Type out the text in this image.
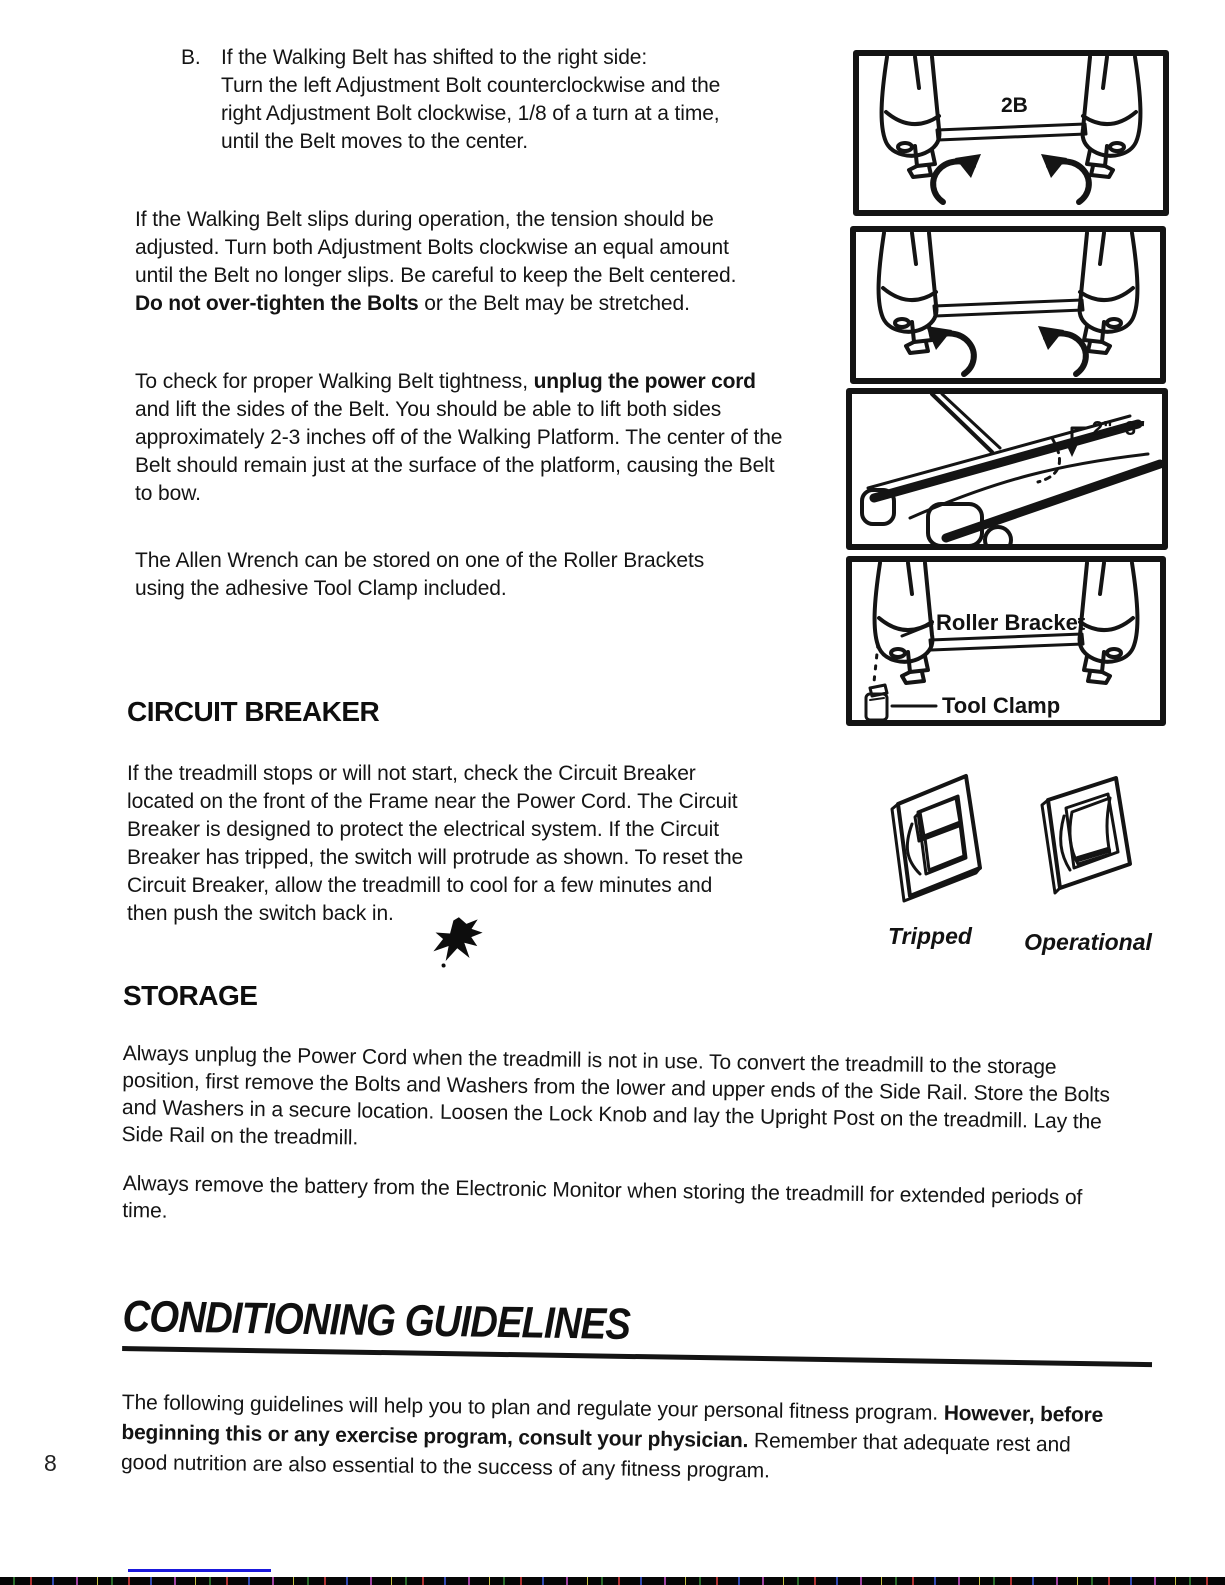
B. If the Walking Belt has shifted to the right side:
Turn the left Adjustment Bolt counterclockwise and the right Adjustment Bolt clockwise, 1/8 of a turn at a time, until the Belt moves to the center.

If the Walking Belt slips during operation, the tension should be adjusted. Turn both Adjustment Bolts clockwise an equal amount until the Belt no longer slips. Be careful to keep the Belt centered. Do not over-tighten the Bolts or the Belt may be stretched.

To check for proper Walking Belt tightness, unplug the power cord and lift the sides of the Belt. You should be able to lift both sides approximately 2-3 inches off of the Walking Platform. The center of the Belt should remain just at the surface of the platform, causing the Belt to bow.

The Allen Wrench can be stored on one of the Roller Brackets using the adhesive Tool Clamp included.

CIRCUIT BREAKER

If the treadmill stops or will not start, check the Circuit Breaker located on the front of the Frame near the Power Cord. The Circuit Breaker is designed to protect the electrical system. If the Circuit Breaker has tripped, the switch will protrude as shown. To reset the Circuit Breaker, allow the treadmill to cool for a few minutes and then push the switch back in.

STORAGE

Always unplug the Power Cord when the treadmill is not in use. To convert the treadmill to the storage position, first remove the Bolts and Washers from the lower and upper ends of the Side Rail. Store the Bolts and Washers in a secure location. Loosen the Lock Knob and lay the Upright Post on the treadmill. Lay the Side Rail on the treadmill.

Always remove the battery from the Electronic Monitor when storing the treadmill for extended periods of time.

CONDITIONING GUIDELINES

The following guidelines will help you to plan and regulate your personal fitness program. However, before beginning this or any exercise program, consult your physician. Remember that adequate rest and good nutrition are also essential to the success of any fitness program.

8
2B
2"- 3"
Roller Bracket
Tool Clamp
Tripped Operational
